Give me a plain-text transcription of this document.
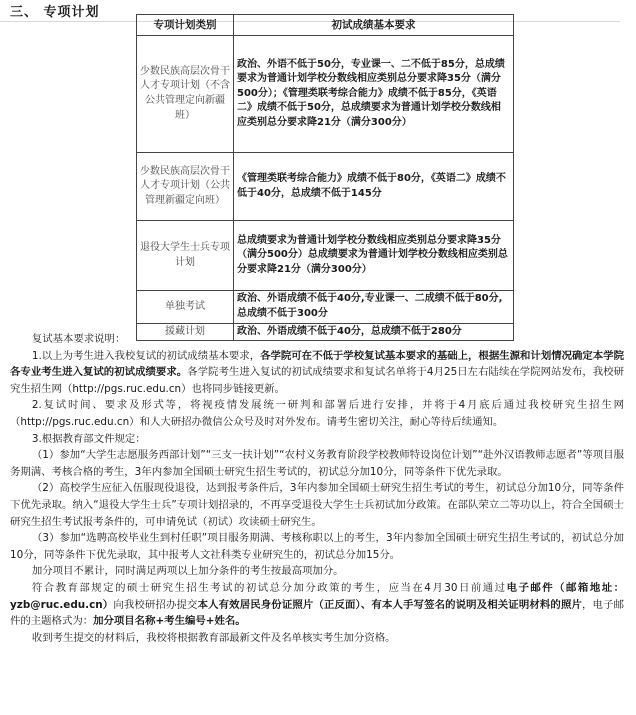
三、 专项计划
专项计划类别	初试成绩基本要求
少数民族高层次骨干人才专项计划（不含公共管理定向新疆班）	政治、外语不低于50分，专业课一、二不低于85分，总成绩要求为普通计划学校分数线相应类别总分要求降35分（满分500分）；《管理类联考综合能力》成绩不低于85分，《英语二》成绩不低于50分，总成绩要求为普通计划学校分数线相应类别总分要求降21分（满分300分）
少数民族高层次骨干人才专项计划（公共管理新疆定向班）	《管理类联考综合能力》成绩不低于80分，《英语二》成绩不低于40分，总成绩不低于145分
退役大学生士兵专项计划	总成绩要求为普通计划学校分数线相应类别总分要求降35分（满分500分）总成绩要求为普通计划学校分数线相应类别总分要求降21分（满分300分）
单独考试	政治、外语成绩不低于40分,专业课一、二成绩不低于80分,总成绩不低于300分
援藏计划	政治、外语成绩不低于40分，总成绩不低于280分

复试基本要求说明：

1.以上为考生进入我校复试的初试成绩基本要求，各学院可在不低于学校复试基本要求的基础上，根据生源和计划情况确定本学院各专业考生进入复试的初试成绩要求。各学院考生进入复试的初试成绩要求和复试名单将于4月25日左右陆续在学院网站发布，我校研究生招生网（http://pgs.ruc.edu.cn）也将同步链接更新。

2.复试时间、要求及形式等，将视疫情发展统一研判和部署后进行安排，并将于4月底后通过我校研究生招生网（http://pgs.ruc.edu.cn）和人大研招办微信公众号及时对外发布。请考生密切关注，耐心等待后续通知。

3.根据教育部文件规定：

（1）参加“大学生志愿服务西部计划”“三支一扶计划”“农村义务教育阶段学校教师特设岗位计划”“赴外汉语教师志愿者”等项目服务期满、考核合格的考生，3年内参加全国硕士研究生招生考试的，初试总分加10分，同等条件下优先录取。

（2）高校学生应征入伍服现役退役，达到报考条件后，3年内参加全国硕士研究生招生考试的考生，初试总分加10分，同等条件下优先录取。纳入“退役大学生士兵”专项计划招录的，不再享受退役大学生士兵初试加分政策。在部队荣立二等功以上，符合全国硕士研究生招生考试报考条件的，可申请免试（初试）攻读硕士研究生。

（3）参加“选聘高校毕业生到村任职”项目服务期满、考核称职以上的考生，3年内参加全国硕士研究生招生考试的，初试总分加10分，同等条件下优先录取，其中报考人文社科类专业研究生的，初试总分加15分。

加分项目不累计，同时满足两项以上加分条件的考生按最高项加分。

符合教育部规定的硕士研究生招生考试的初试总分加分政策的考生，应当在4月30日前通过电子邮件（邮箱地址：yzb@ruc.edu.cn）向我校研招办提交本人有效居民身份证照片（正反面）、有本人手写签名的说明及相关证明材料的照片，电子邮件的主题格式为：加分项目名称+考生编号+姓名。

收到考生提交的材料后，我校将根据教育部最新文件及名单核实考生加分资格。
